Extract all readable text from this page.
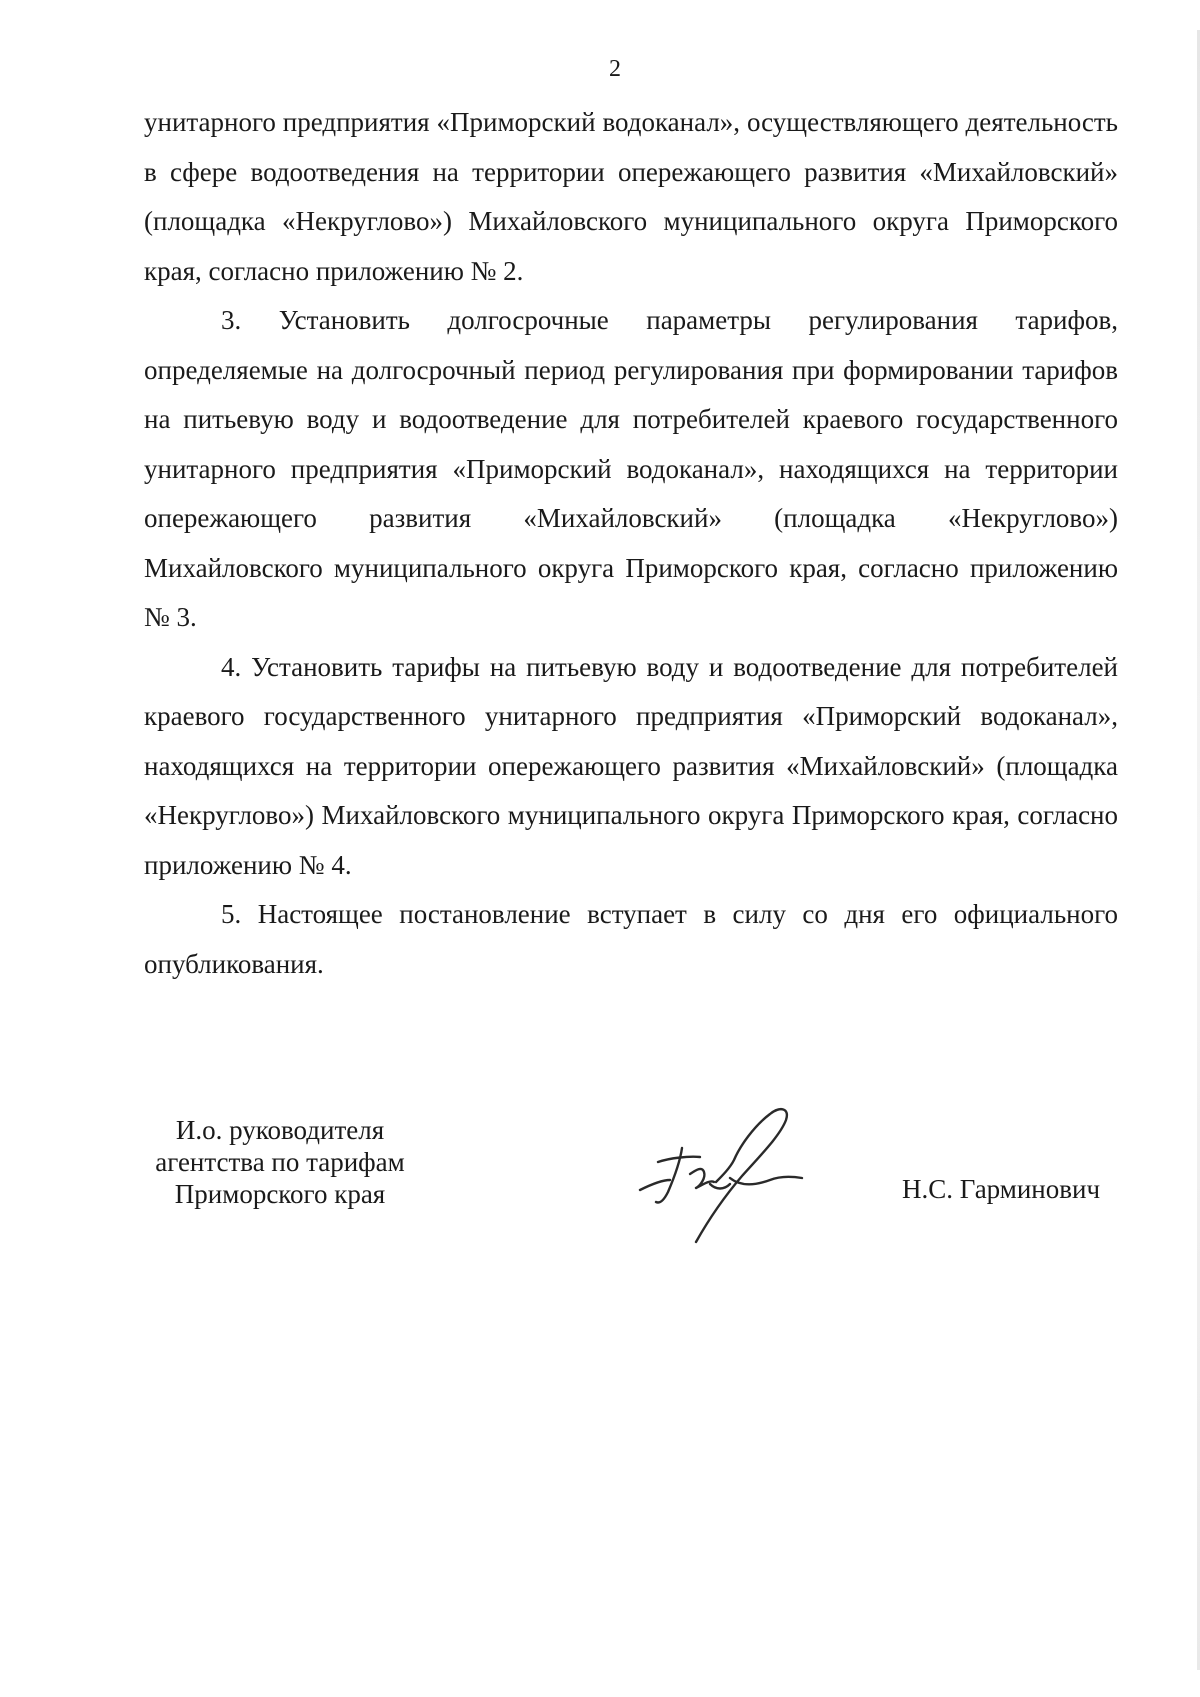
2

унитарного предприятия «Приморский водоканал», осуществляющего деятельность в сфере водоотведения на территории опережающего развития «Михайловский» (площадка «Некруглово») Михайловского муниципального округа Приморского края, согласно приложению № 2.

3. Установить долгосрочные параметры регулирования тарифов, определяемые на долгосрочный период регулирования при формировании тарифов на питьевую воду и водоотведение для потребителей краевого государственного унитарного предприятия «Приморский водоканал», находящихся на территории опережающего развития «Михайловский» (площадка «Некруглово») Михайловского муниципального округа Приморского края, согласно приложению № 3.

4. Установить тарифы на питьевую воду и водоотведение для потребителей краевого государственного унитарного предприятия «Приморский водоканал», находящихся на территории опережающего развития «Михайловский» (площадка «Некруглово») Михайловского муниципального округа Приморского края, согласно приложению № 4.

5. Настоящее постановление вступает в силу со дня его официального опубликования.

И.о. руководителя
агентства по тарифам
Приморского края	Н.С. Гарминович
